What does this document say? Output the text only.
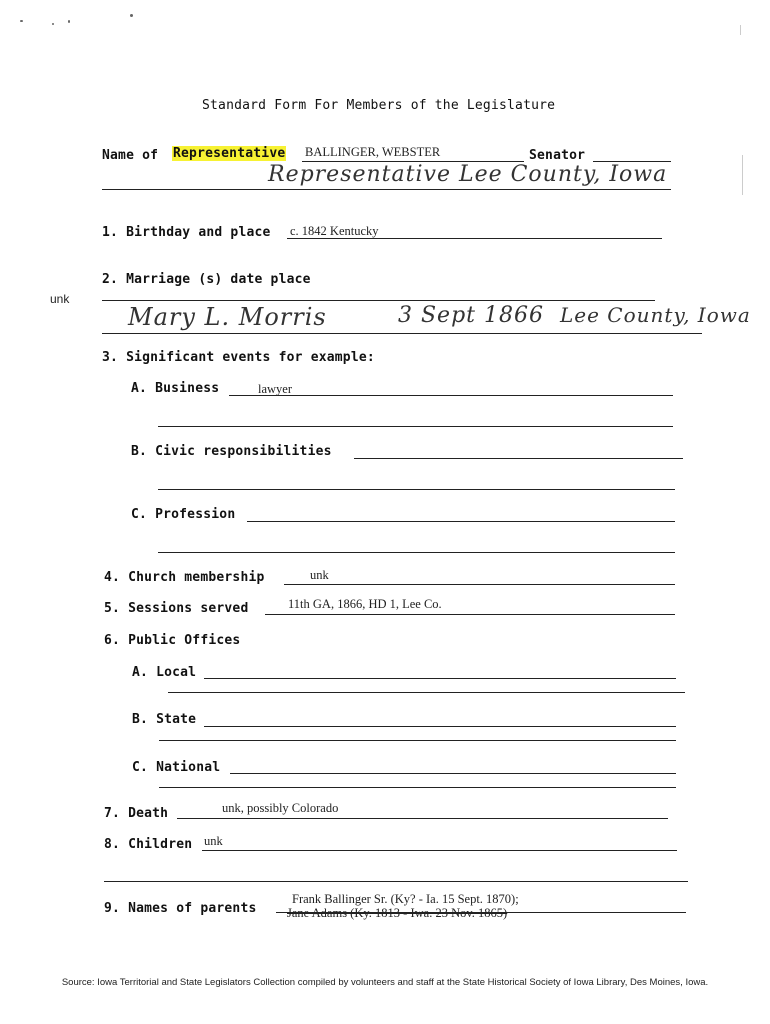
Standard Form For Members of the Legislature
Name of Representative BALLINGER, WEBSTER	Senator
Representative Lee County, Iowa
1. Birthday and place c. 1842 Kentucky
2. Marriage (s) date place
unk
Mary L. Morris	3 Sept 1866 Lee County, Iowa
3. Significant events for example:
A. Business	lawyer
B. Civic responsibilities
C. Profession
4. Church membership	unk
5. Sessions served	11th GA, 1866, HD 1, Lee Co.
6. Public Offices
A. Local
B. State
C. National
7. Death	unk, possibly Colorado
8. Children unk
9. Names of parents
Frank Ballinger Sr. (Ky? - Ia. 15 Sept. 1870);
Jane Adams (Ky. 1813 - Iwa. 23 Nov. 1865)
Source: Iowa Territorial and State Legislators Collection compiled by volunteers and staff at the State Historical Society of Iowa Library, Des Moines, Iowa.
